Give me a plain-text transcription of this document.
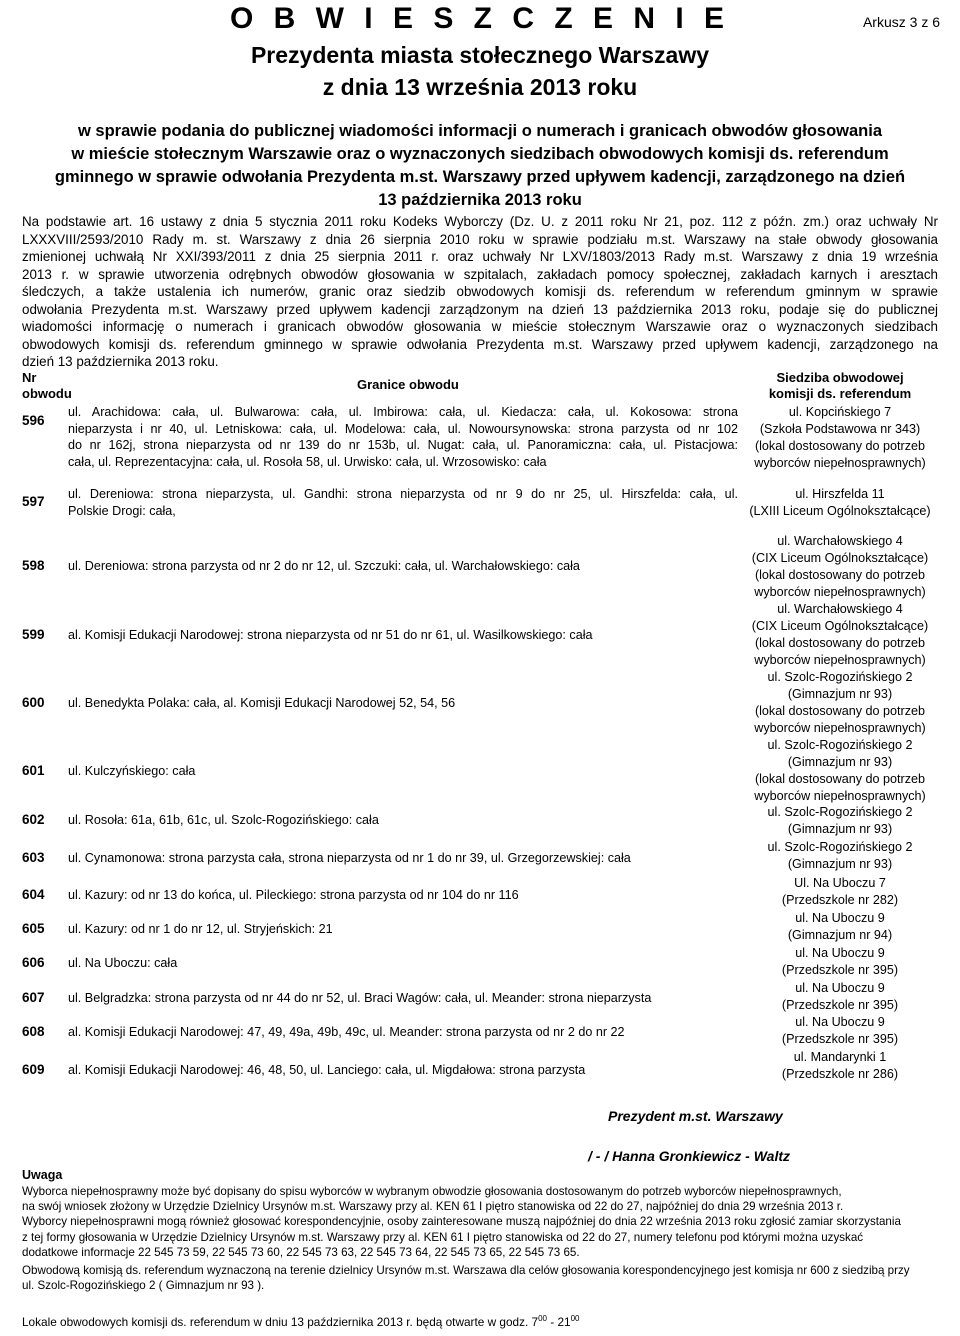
O B W I E S Z C Z E N I E	Arkusz 3 z 6
Prezydenta miasta stołecznego Warszawy
z dnia 13 września 2013 roku
w sprawie podania do publicznej wiadomości informacji o numerach i granicach obwodów głosowania
w mieście stołecznym Warszawie oraz o wyznaczonych siedzibach obwodowych komisji ds. referendum
gminnego w sprawie odwołania Prezydenta m.st. Warszawy przed upływem kadencji, zarządzonego na dzień
13 października 2013 roku
Na podstawie art. 16 ustawy z dnia 5 stycznia 2011 roku Kodeks Wyborczy (Dz. U. z 2011 roku Nr 21, poz. 112 z późn. zm.) oraz uchwały Nr
LXXXVIII/2593/2010 Rady m. st. Warszawy z dnia 26 sierpnia 2010 roku w sprawie podziału m.st. Warszawy na stałe obwody głosowania
zmienionej uchwałą Nr XXI/393/2011 z dnia 25 sierpnia 2011 r. oraz uchwały Nr LXV/1803/2013 Rady m.st. Warszawy z dnia 19 września
2013 r. w sprawie utworzenia odrębnych obwodów głosowania w szpitalach, zakładach pomocy społecznej, zakładach karnych i aresztach
śledczych, a także ustalenia ich numerów, granic oraz siedzib obwodowych komisji ds. referendum w referendum gminnym w sprawie
odwołania Prezydenta m.st. Warszawy przed upływem kadencji zarządzonym na dzień 13 października 2013 roku, podaje się do publicznej
wiadomości informację o numerach i granicach obwodów głosowania w mieście stołecznym Warszawie oraz o wyznaczonych siedzibach
obwodowych komisji ds. referendum gminnego w sprawie odwołania Prezydenta m.st. Warszawy przed upływem kadencji, zarządzonego na
dzień 13 października 2013 roku.
Nr
obwodu
Granice obwodu	Siedziba obwodowej
komisji ds. referendum
596
ul. Arachidowa: cała, ul. Bulwarowa: cała, ul. Imbirowa: cała, ul. Kiedacza: cała, ul. Kokosowa: strona
nieparzysta i nr 40, ul. Letniskowa: cała, ul. Modelowa: cała, ul. Nowoursynowska: strona parzysta od nr 102
do nr 162j, strona nieparzysta od nr 139 do nr 153b, ul. Nugat: cała, ul. Panoramiczna: cała, ul. Pistacjowa:
cała, ul. Reprezentacyjna: cała, ul. Rosoła 58, ul. Urwisko: cała, ul. Wrzosowisko: cała
ul. Kopcińskiego 7
(Szkoła Podstawowa nr 343)
(lokal dostosowany do potrzeb
wyborców niepełnosprawnych)
597	ul. Dereniowa: strona nieparzysta, ul. Gandhi: strona nieparzysta od nr 9 do nr 25, ul. Hirszfelda: cała, ul.
Polskie Drogi: cała,
ul. Hirszfelda 11
(LXIII Liceum Ogólnokształcące)
598	ul. Dereniowa: strona parzysta od nr 2 do nr 12, ul. Szczuki: cała, ul. Warchałowskiego: cała
ul. Warchałowskiego 4
(CIX Liceum Ogólnokształcące)
(lokal dostosowany do potrzeb
wyborców niepełnosprawnych)
599	al. Komisji Edukacji Narodowej: strona nieparzysta od nr 51 do nr 61, ul. Wasilkowskiego: cała
ul. Warchałowskiego 4
(CIX Liceum Ogólnokształcące)
(lokal dostosowany do potrzeb
wyborców niepełnosprawnych)
600	ul. Benedykta Polaka: cała, al. Komisji Edukacji Narodowej 52, 54, 56
ul. Szolc-Rogozińskiego 2
(Gimnazjum nr 93)
(lokal dostosowany do potrzeb
wyborców niepełnosprawnych)
601	ul. Kulczyńskiego: cała
ul. Szolc-Rogozińskiego 2
(Gimnazjum nr 93)
(lokal dostosowany do potrzeb
wyborców niepełnosprawnych)
602	ul. Rosoła: 61a, 61b, 61c, ul. Szolc-Rogozińskiego: cała
ul. Szolc-Rogozińskiego 2
(Gimnazjum nr 93)
603	ul. Cynamonowa: strona parzysta cała, strona nieparzysta od nr 1 do nr 39, ul. Grzegorzewskiej: cała
ul. Szolc-Rogozińskiego 2
(Gimnazjum nr 93)
604	ul. Kazury: od nr 13 do końca, ul. Pileckiego: strona parzysta od nr 104 do nr 116
Ul. Na Uboczu 7
(Przedszkole nr 282)
605	ul. Kazury: od nr 1 do nr 12, ul. Stryjeńskich: 21
ul. Na Uboczu 9
(Gimnazjum nr 94)
606	ul. Na Uboczu: cała
ul. Na Uboczu 9
(Przedszkole nr 395)
607	ul. Belgradzka: strona parzysta od nr 44 do nr 52, ul. Braci Wagów: cała, ul. Meander: strona nieparzysta
ul. Na Uboczu 9
(Przedszkole nr 395)
608	al. Komisji Edukacji Narodowej: 47, 49, 49a, 49b, 49c, ul. Meander: strona parzysta od nr 2 do nr 22
ul. Na Uboczu 9
(Przedszkole nr 395)
609	al. Komisji Edukacji Narodowej: 46, 48, 50, ul. Lanciego: cała, ul. Migdałowa: strona parzysta
ul. Mandarynki 1
(Przedszkole nr 286)
Prezydent m.st. Warszawy
/ - / Hanna Gronkiewicz - Waltz
Uwaga
Wyborca niepełnosprawny może być dopisany do spisu wyborców w wybranym obwodzie głosowania dostosowanym do potrzeb wyborców niepełnosprawnych,
na swój wniosek złożony w Urzędzie Dzielnicy Ursynów m.st. Warszawy przy al. KEN 61 I piętro stanowiska od 22 do 27, najpóźniej do dnia 29 września 2013 r.
Wyborcy niepełnosprawni mogą również głosować korespondencyjnie, osoby zainteresowane muszą najpóźniej do dnia 22 września 2013 roku zgłosić zamiar skorzystania
z tej formy głosowania w Urzędzie Dzielnicy Ursynów m.st. Warszawy przy al. KEN 61 I piętro stanowiska od 22 do 27, numery telefonu pod którymi można uzyskać
dodatkowe informacje 22 545 73 59, 22 545 73 60, 22 545 73 63, 22 545 73 64, 22 545 73 65, 22 545 73 65.
Obwodową komisją ds. referendum wyznaczoną na terenie dzielnicy Ursynów m.st. Warszawa dla celów głosowania korespondencyjnego jest komisja nr 600 z siedzibą przy
ul. Szolc-Rogozińskiego 2 ( Gimnazjum nr 93 ).
Lokale obwodowych komisji ds. referendum w dniu 13 października 2013 r. będą otwarte w godz. $7^{00} - 21^{00}$
